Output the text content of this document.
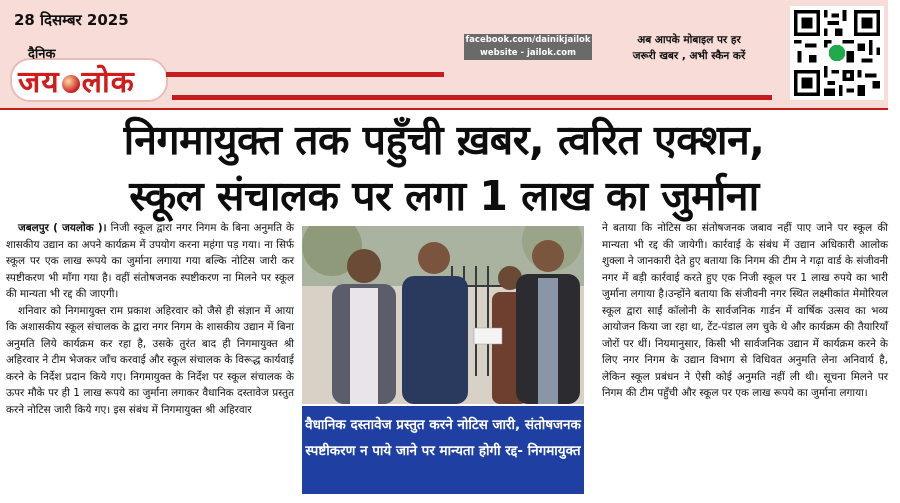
28 दिसम्बर 2025
दैनिक
जय लोक
facebook.com/dainikjailok
website - jailok.com
अब आपके मोबाइल पर हर
जरूरी खबर , अभी स्कैन करें
निगमायुक्त तक पहुँची ख़बर, त्वरित एक्शन,
स्कूल संचालक पर लगा 1 लाख का जुर्माना

जबलपुर ( जयलोक )। निजी स्कूल द्वारा नगर निगम के बिना अनुमति के शासकीय उद्यान का अपने कार्यक्रम में उपयोग करना महंगा पड़ गया। ना सिर्फ स्कूल पर एक लाख रूपये का जुर्माना लगाया गया बल्कि नोटिस जारी कर स्पष्टीकरण भी माँगा गया है। वहीं संतोषजनक स्पष्टीकरण ना मिलने पर स्कूल की मान्यता भी रद्द की जाएगी।

शनिवार को निगमायुक्त राम प्रकाश अहिरवार को जैसे ही संज्ञान में आया कि अशासकीय स्कूल संचालक के द्वारा नगर निगम के शासकीय उद्यान में बिना अनुमति लिये कार्यक्रम कर रहा है, उसके तुरंत बाद ही निगमायुक्त श्री अहिरवार ने टीम भेजकर जाँच करवाई और स्कूल संचालक के विरूद्ध कार्यवाई करने के निर्देश प्रदान किये गए। निगमायुक्त के निर्देश पर स्कूल संचालक के ऊपर मौके पर ही 1 लाख रूपये का जुर्माना लगाकर वैधानिक दस्तावेज प्रस्तुत करने नोटिस जारी किये गए। इस संबंध में निगमायुक्त श्री अहिरवार

वैधानिक दस्तावेज प्रस्तुत करने नोटिस जारी, संतोषजनक स्पष्टीकरण न पाये जाने पर मान्यता होगी रद्द- निगमायुक्त

ने बताया कि नोटिस का संतोषजनक जबाव नहीं पाए जाने पर स्कूल की मान्यता भी रद्द की जायेगी। कार्रवाई के संबंध में उद्यान अधिकारी आलोक शुक्ला ने जानकारी देते हुए बताया कि निगम की टीम ने गढ़ा वार्ड के संजीवनी नगर में बड़ी कार्रवाई करते हुए एक निजी स्कूल पर 1 लाख रुपये का भारी जुर्माना लगाया है।उन्होंने बताया कि संजीवनी नगर स्थित लक्ष्मीकांत मेमोरियल स्कूल द्वारा साईं कॉलोनी के सार्वजनिक गार्डन में वार्षिक उत्सव का भव्य आयोजन किया जा रहा था, टेंट-पंडाल लग चुके थे और कार्यक्रम की तैयारियाँ जोरों पर थीं। नियमानुसार, किसी भी सार्वजनिक उद्यान में कार्यक्रम करने के लिए नगर निगम के उद्यान विभाग से विधिवत अनुमति लेना अनिवार्य है, लेकिन स्कूल प्रबंधन ने ऐसी कोई अनुमति नहीं ली थी। सूचना मिलने पर निगम की टीम पहुँची और स्कूल पर एक लाख रूपये का जुर्माना लगाया।
